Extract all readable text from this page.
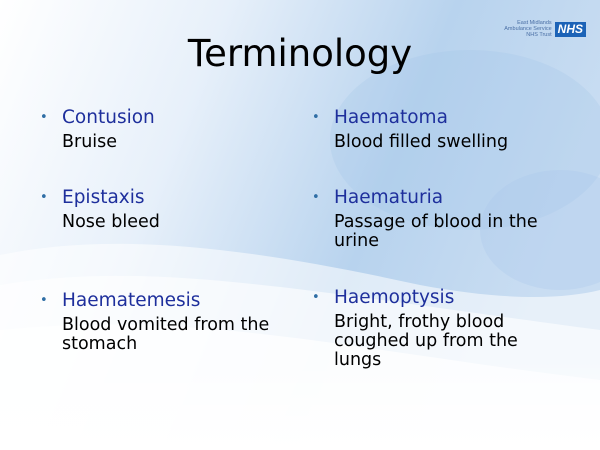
East Midlands
Ambulance Service
NHS Trust NHS
Terminology
• Contusion
Bruise
• Epistaxis
Nose bleed
• Haematemesis
Blood vomited from the stomach
• Haematoma
Blood filled swelling
• Haematuria
Passage of blood in the urine
• Haemoptysis
Bright, frothy blood coughed up from the lungs
